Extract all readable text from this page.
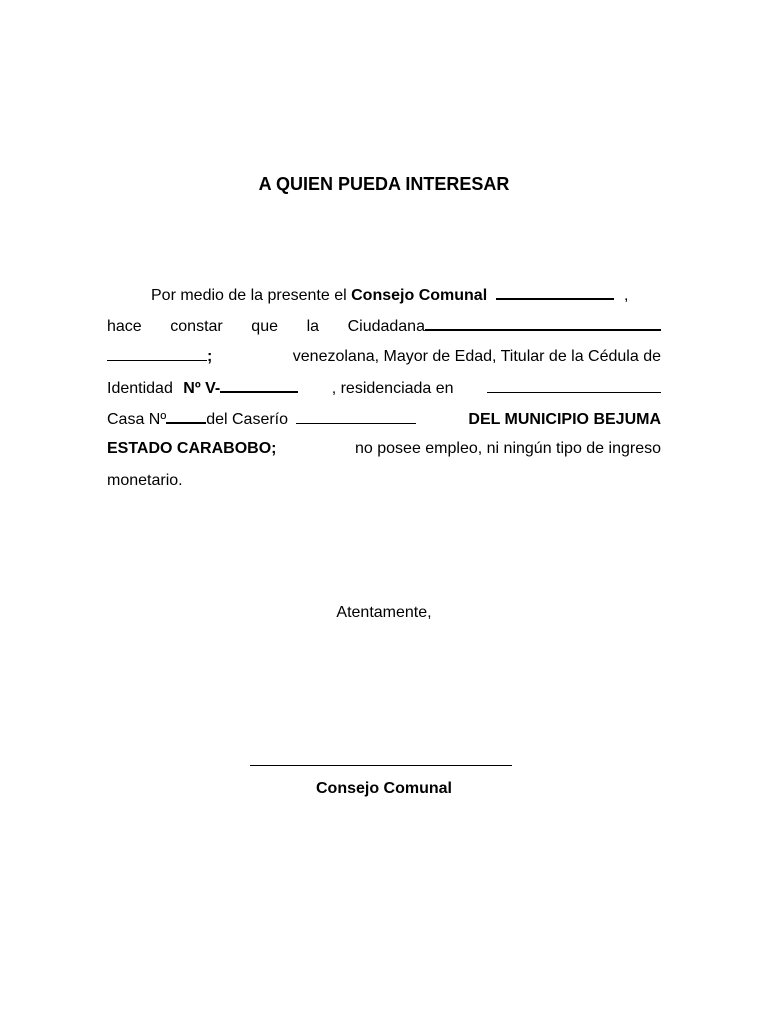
A QUIEN PUEDA INTERESAR
Por medio de la presente el Consejo Comunal	,
hace constar que la Ciudadana
;	venezolana, Mayor de Edad, Titular de la Cédula de
Identidad Nº V-	, residenciada en
Casa Nº	del Caserío	DEL MUNICIPIO BEJUMA
ESTADO CARABOBO;	no posee empleo, ni ningún tipo de ingreso
monetario.
Atentamente,
Consejo Comunal
